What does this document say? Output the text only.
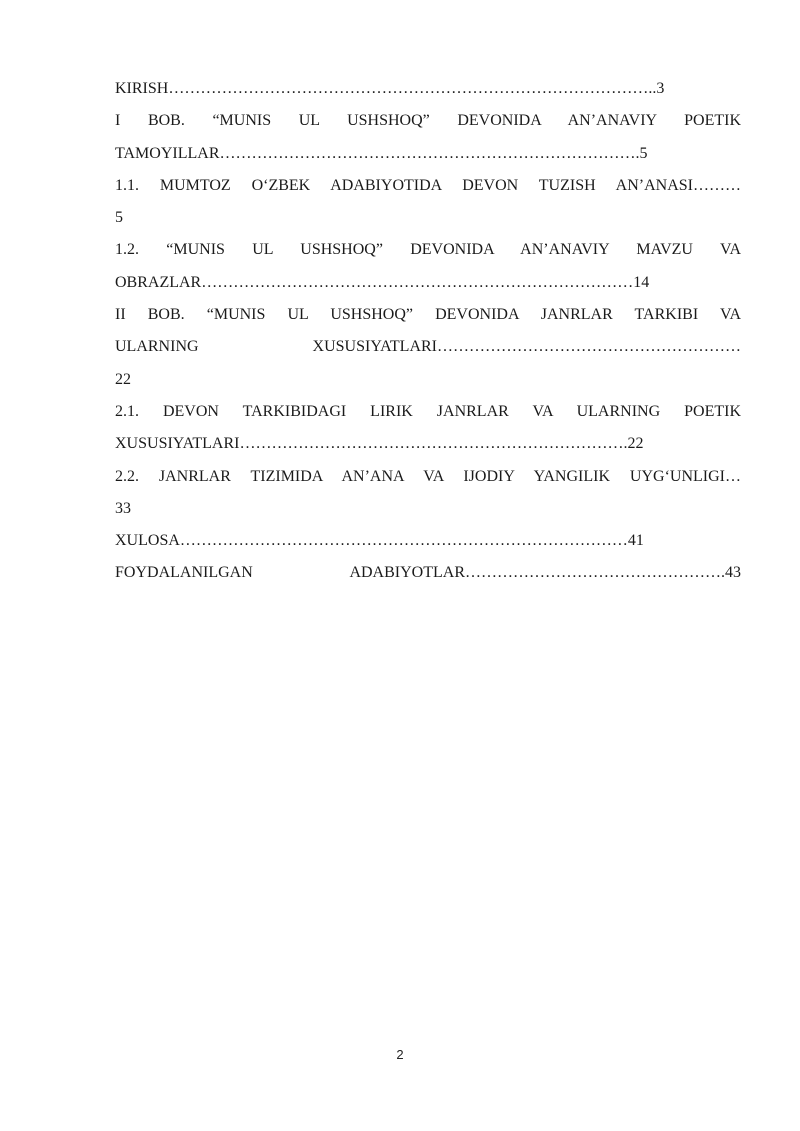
KIRISH………………………………………………………………………………..3
I BOB. “MUNIS UL USHSHOQ” DEVONIDA AN’ANAVIY POETIK
TAMOYILLAR…………………………………………………………………….5
1.1. MUMTOZ O‘ZBEK ADABIYOTIDA DEVON TUZISH AN’ANASI………
5
1.2. “MUNIS UL USHSHOQ” DEVONIDA AN’ANAVIY MAVZU VA
OBRAZLAR………………………………………………………………………14
II BOB. “MUNIS UL USHSHOQ” DEVONIDA JANRLAR TARKIBI VA
ULARNING XUSUSIYATLARI…………………………………………………
22
2.1. DEVON TARKIBIDAGI LIRIK JANRLAR VA ULARNING POETIK
XUSUSIYATLARI……………………………………………………………….22
2.2. JANRLAR TIZIMIDA AN’ANA VA IJODIY YANGILIK UYG‘UNLIGI…
33
XULOSA…………………………………………………………………………41
FOYDALANILGAN ADABIYOTLAR………………………………………….43
2
